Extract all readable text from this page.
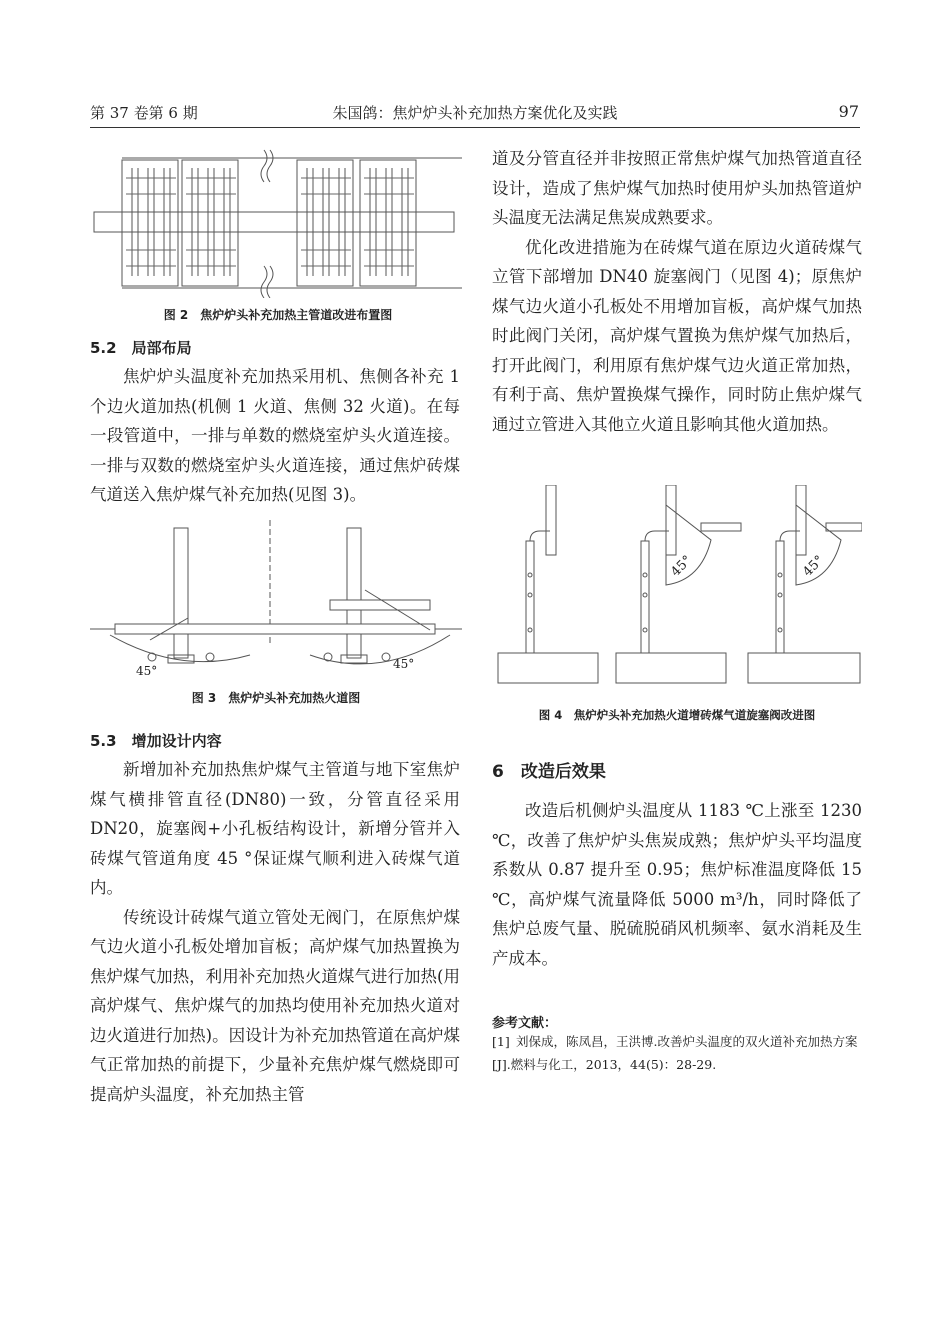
第 37 卷第 6 期	朱国鸽：焦炉炉头补充加热方案优化及实践	97
图 2　焦炉炉头补充加热主管道改进布置图

5.2　局部布局

焦炉炉头温度补充加热采用机、焦侧各补充 1 个边火道加热(机侧 1 火道、焦侧 32 火道)。在每一段管道中，一排与单数的燃烧室炉头火道连接。一排与双数的燃烧室炉头火道连接，通过焦炉砖煤气道送入焦炉煤气补充加热(见图 3)。

45°	45°
图 3　焦炉炉头补充加热火道图

5.3　增加设计内容

新增加补充加热焦炉煤气主管道与地下室焦炉煤气横排管直径(DN80)一致，分管直径采用 DN20，旋塞阀+小孔板结构设计，新增分管并入砖煤气管道角度 45 °保证煤气顺利进入砖煤气道内。

传统设计砖煤气道立管处无阀门，在原焦炉煤气边火道小孔板处增加盲板；高炉煤气加热置换为焦炉煤气加热，利用补充加热火道煤气进行加热(用高炉煤气、焦炉煤气的加热均使用补充加热火道对边火道进行加热)。因设计为补充加热管道在高炉煤气正常加热的前提下，少量补充焦炉煤气燃烧即可提高炉头温度，补充加热主管

道及分管直径并非按照正常焦炉煤气加热管道直径设计，造成了焦炉煤气加热时使用炉头加热管道炉头温度无法满足焦炭成熟要求。

优化改进措施为在砖煤气道在原边火道砖煤气立管下部增加 DN40 旋塞阀门（见图 4)；原焦炉煤气边火道小孔板处不用增加盲板，高炉煤气加热时此阀门关闭，高炉煤气置换为焦炉煤气加热后，打开此阀门，利用原有焦炉煤气边火道正常加热，有利于高、焦炉置换煤气操作，同时防止焦炉煤气通过立管进入其他立火道且影响其他火道加热。

45°	45°
图 4　焦炉炉头补充加热火道增砖煤气道旋塞阀改进图

6　改造后效果

改造后机侧炉头温度从 1183 ℃上涨至 1230 ℃，改善了焦炉炉头焦炭成熟；焦炉炉头平均温度系数从 0.87 提升至 0.95；焦炉标准温度降低 15 ℃，高炉煤气流量降低 5000 m³/h，同时降低了焦炉总废气量、脱硫脱硝风机频率、氨水消耗及生产成本。

参考文献：
[1] 刘保成，陈凤昌，王洪博.改善炉头温度的双火道补充加热方案[J].燃料与化工，2013，44(5)：28-29.
